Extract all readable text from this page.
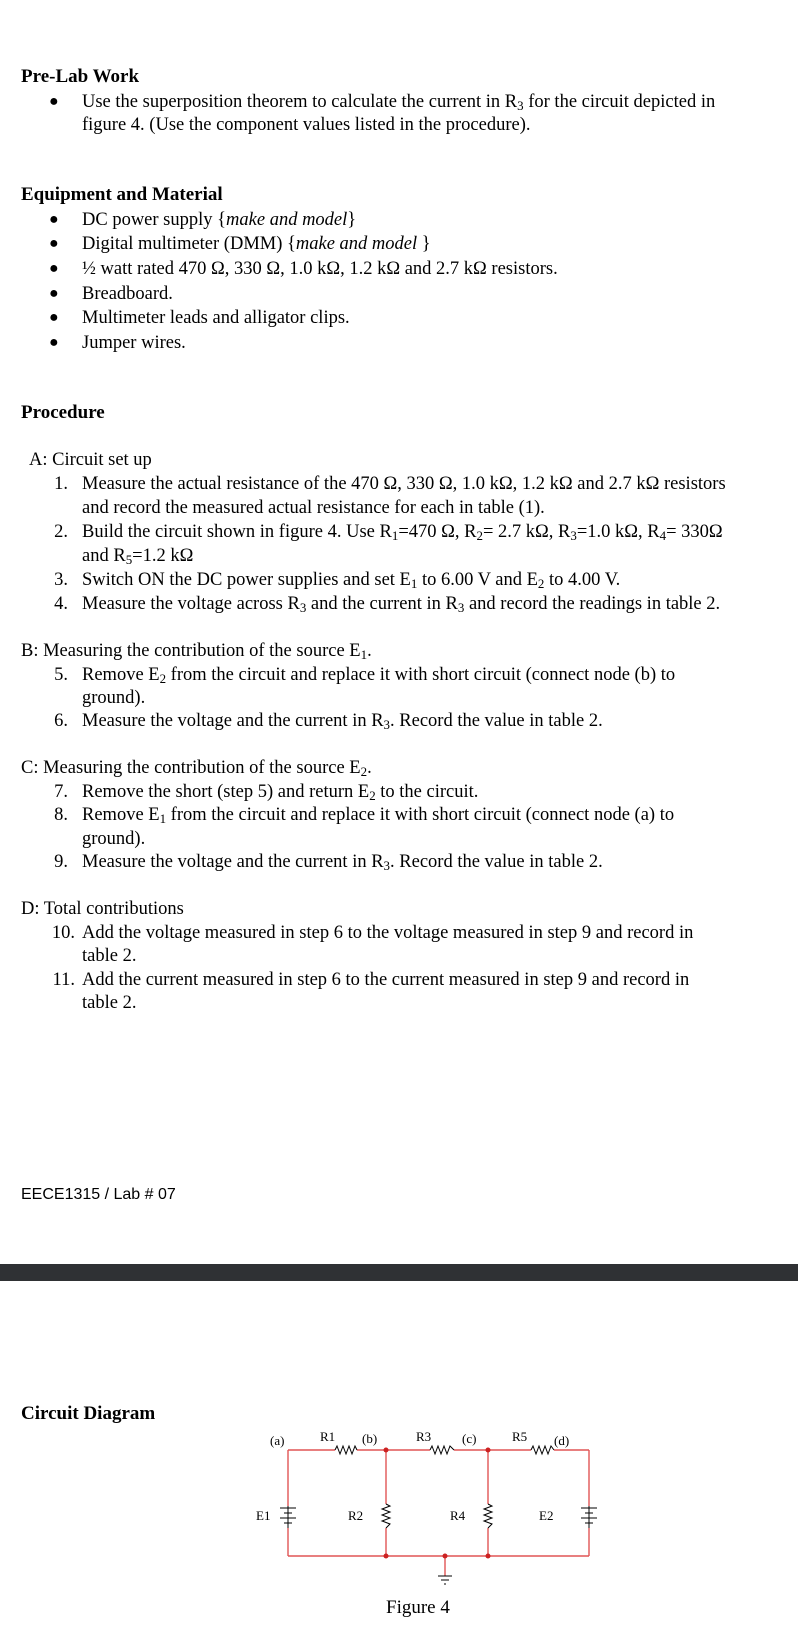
Pre-Lab Work
● Use the superposition theorem to calculate the current in $R_3$ for the circuit depicted in
figure 4. (Use the component values listed in the procedure).
Equipment and Material
● DC power supply {make and model}
● Digital multimeter (DMM) {make and model }
● ½ watt rated 470 Ω, 330 Ω, 1.0 kΩ, 1.2 kΩ and 2.7 kΩ resistors.
● Breadboard.
● Multimeter leads and alligator clips.
● Jumper wires.
Procedure
A: Circuit set up
1. Measure the actual resistance of the 470 Ω, 330 Ω, 1.0 kΩ, 1.2 kΩ and 2.7 kΩ resistors
and record the measured actual resistance for each in table (1).
2. Build the circuit shown in figure 4. Use $R_1=470$ Ω, $R_2= 2.7$ kΩ, $R_3=1.0$ kΩ, $R_4= 330\Omega$
and $R_5=1.2$ kΩ
3. Switch ON the DC power supplies and set $E_1$ to 6.00 V and $E_2$ to 4.00 V.
4. Measure the voltage across $R_3$ and the current in $R_3$ and record the readings in table 2.
B: Measuring the contribution of the source $E_1$.
5. Remove $E_2$ from the circuit and replace it with short circuit (connect node (b) to
ground).
6. Measure the voltage and the current in $R_3$. Record the value in table 2.
C: Measuring the contribution of the source $E_2$.
7. Remove the short (step 5) and return $E_2$ to the circuit.
8. Remove $E_1$ from the circuit and replace it with short circuit (connect node (a) to
ground).
9. Measure the voltage and the current in $R_3$. Record the value in table 2.
D: Total contributions
10. Add the voltage measured in step 6 to the voltage measured in step 9 and record in
table 2.
11. Add the current measured in step 6 to the current measured in step 9 and record in
table 2.
EECE1315 / Lab # 07
Circuit Diagram
(a)	(b)	(c)	(d)
R1	R3	R5
R2	R4
E1	E2
Figure 4
